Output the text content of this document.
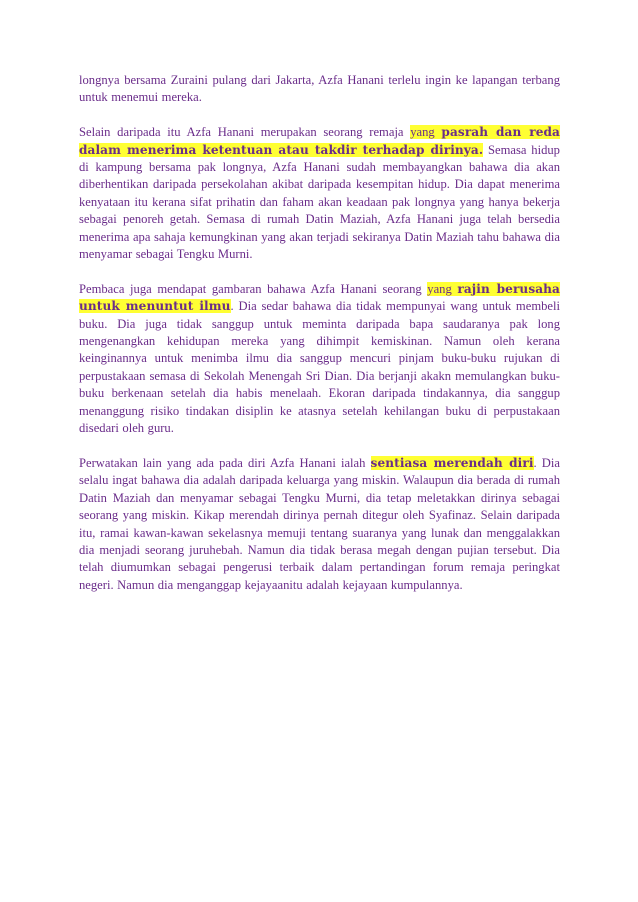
longnya bersama Zuraini pulang dari Jakarta, Azfa Hanani terlelu ingin ke lapangan terbang untuk menemui mereka.

Selain daripada itu Azfa Hanani merupakan seorang remaja yang pasrah dan reda dalam menerima ketentuan atau takdir terhadap dirinya. Semasa hidup di kampung bersama pak longnya, Azfa Hanani sudah membayangkan bahawa dia akan diberhentikan daripada persekolahan akibat daripada kesempitan hidup. Dia dapat menerima kenyataan itu kerana sifat prihatin dan faham akan keadaan pak longnya yang hanya bekerja sebagai penoreh getah. Semasa di rumah Datin Maziah, Azfa Hanani juga telah bersedia menerima apa sahaja kemungkinan yang akan terjadi sekiranya Datin Maziah tahu bahawa dia menyamar sebagai Tengku Murni.

Pembaca juga mendapat gambaran bahawa Azfa Hanani seorang yang rajin berusaha untuk menuntut ilmu. Dia sedar bahawa dia tidak mempunyai wang untuk membeli buku. Dia juga tidak sanggup untuk meminta daripada bapa saudaranya pak long mengenangkan kehidupan mereka yang dihimpit kemiskinan. Namun oleh kerana keinginannya untuk menimba ilmu dia sanggup mencuri pinjam buku-buku rujukan di perpustakaan semasa di Sekolah Menengah Sri Dian. Dia berjanji akakn memulangkan buku-buku berkenaan setelah dia habis menelaah. Ekoran daripada tindakannya, dia sanggup menanggung risiko tindakan disiplin ke atasnya setelah kehilangan buku di perpustakaan disedari oleh guru.

Perwatakan lain yang ada pada diri Azfa Hanani ialah sentiasa merendah diri. Dia selalu ingat bahawa dia adalah daripada keluarga yang miskin. Walaupun dia berada di rumah Datin Maziah dan menyamar sebagai Tengku Murni, dia tetap meletakkan dirinya sebagai seorang yang miskin. Kikap merendah dirinya pernah ditegur oleh Syafinaz. Selain daripada itu, ramai kawan-kawan sekelasnya memuji tentang suaranya yang lunak dan menggalakkan dia menjadi seorang juruhebah. Namun dia tidak berasa megah dengan pujian tersebut. Dia telah diumumkan sebagai pengerusi terbaik dalam pertandingan forum remaja peringkat negeri. Namun dia menganggap kejayaanitu adalah kejayaan kumpulannya.
